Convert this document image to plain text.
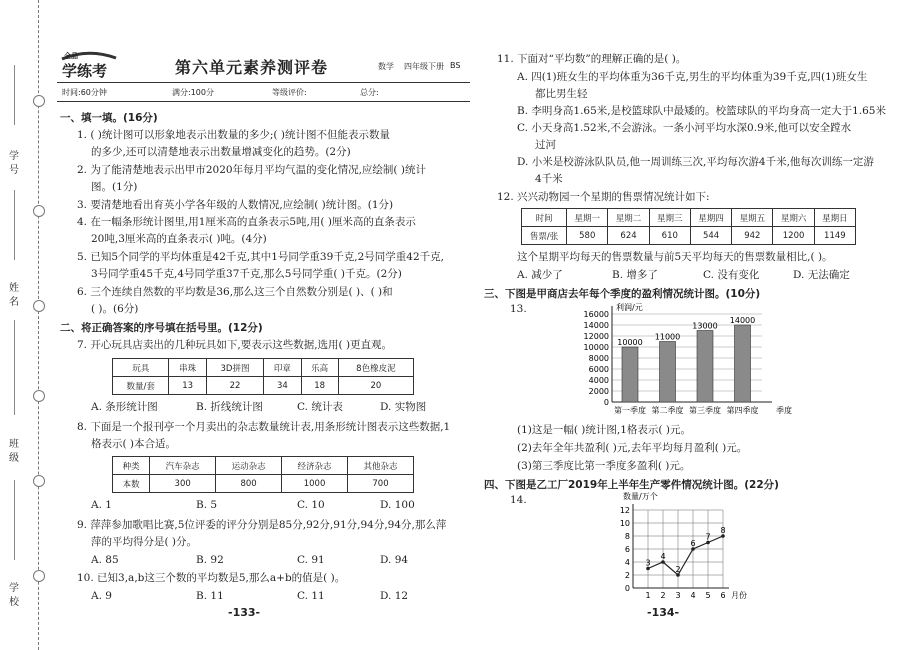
学号
姓名
班级
学校
全品
学练考	第六单元素养测评卷	数学 四年级下册 BS
时间:60分钟	满分:100分	等级评价:	总分:
一、填一填。(16分)
1. ( )统计图可以形象地表示出数量的多少;( )统计图不但能表示数量
的多少,还可以清楚地表示出数量增减变化的趋势。(2分)
2. 为了能清楚地表示出甲市2020年每月平均气温的变化情况,应绘制( )统计
图。(1分)
3. 要清楚地看出育英小学各年级的人数情况,应绘制( )统计图。(1分)
4. 在一幅条形统计图里,用1厘米高的直条表示5吨,用( )厘米高的直条表示
20吨,3厘米高的直条表示( )吨。(4分)
5. 已知5个同学的平均体重是42千克,其中1号同学重39千克,2号同学重42千克,
3号同学重45千克,4号同学重37千克,那么5号同学重( )千克。(2分)
6. 三个连续自然数的平均数是36,那么这三个自然数分别是( )、( )和
( )。(6分)
二、将正确答案的序号填在括号里。(12分)
7. 开心玩具店卖出的几种玩具如下,要表示这些数据,选用( )更直观。
玩具	串珠	3D拼图	印章	乐高	8色橡皮泥
数量/套	13	22	34	18	20
A. 条形统计图	B. 折线统计图	C. 统计表	D. 实物图
8. 下面是一个报刊亭一个月卖出的杂志数量统计表,用条形统计图表示这些数据,1
格表示( )本合适。
种类	汽车杂志	运动杂志	经济杂志	其他杂志
本数	300	800	1000	700
A. 1	B. 5	C. 10	D. 100
9. 萍萍参加歌唱比赛,5位评委的评分分别是85分,92分,91分,94分,94分,那么萍
萍的平均得分是( )分。
A. 85	B. 92	C. 91	D. 94
10. 已知3,a,b这三个数的平均数是5,那么a+b的值是( )。
A. 9	B. 11	C. 11	D. 12
-133-
11. 下面对“平均数”的理解正确的是( )。
A. 四(1)班女生的平均体重为36千克,男生的平均体重为39千克,四(1)班女生
都比男生轻
B. 李明身高1.65米,是校篮球队中最矮的。校篮球队的平均身高一定大于1.65米
C. 小天身高1.52米,不会游泳。一条小河平均水深0.9米,他可以安全蹚水
过河
D. 小米是校游泳队队员,他一周训练三次,平均每次游4千米,他每次训练一定游
4千米
12. 兴兴动物园一个星期的售票情况统计如下:
时间	星期一	星期二	星期三	星期四	星期五	星期六	星期日
售票/张	580	624	610	544	942	1200	1149
这个星期平均每天的售票数量与前5天平均每天的售票数量相比,( )。
A. 减少了	B. 增多了	C. 没有变化	D. 无法确定
三、下图是甲商店去年每个季度的盈利情况统计图。(10分)
13.
0
2000
4000
6000
8000
10000
12000
14000
16000
利润/元
季度
10000
第一季度
11000
第二季度
13000
第三季度
14000
第四季度
(1)这是一幅( )统计图,1格表示( )元。
(2)去年全年共盈利( )元,去年平均每月盈利( )元。
(3)第三季度比第一季度多盈利( )元。
四、下图是乙工厂2019年上半年生产零件情况统计图。(22分)
14.
0
2
4
6
8
10
12
1 2 3 4 5 6
数量/万个
月份
3
4
2
6
7
8
-134-
